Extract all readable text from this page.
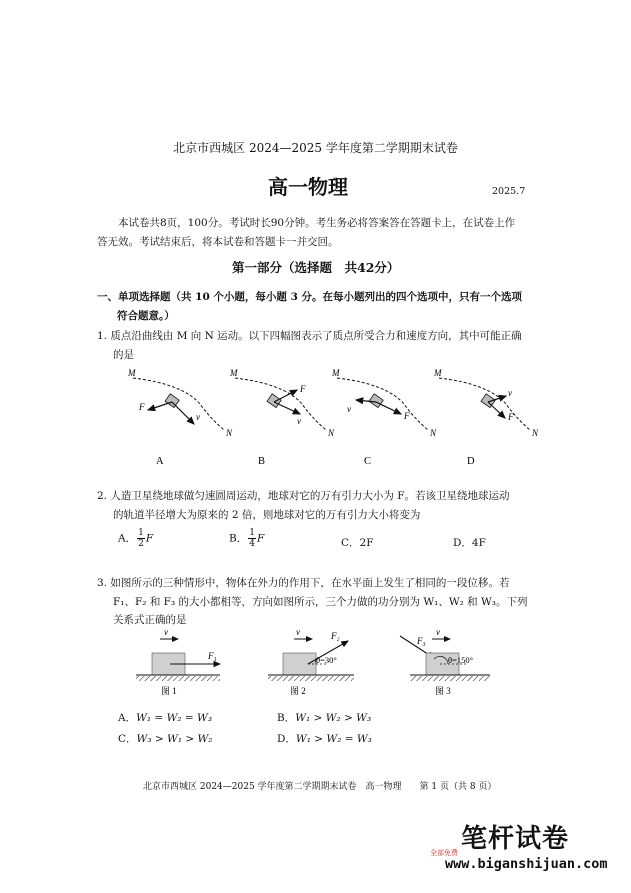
北京市西城区 2024—2025 学年度第二学期期末试卷
高一物理	2025.7
本试卷共8页，100分。考试时长90分钟。考生务必将答案答在答题卡上，在试卷上作
答无效。考试结束后，将本试卷和答题卡一并交回。
第一部分（选择题　共42分）
一、单项选择题（共 10 个小题，每小题 3 分。在每小题列出的四个选项中，只有一个选项
符合题意。）
1. 质点沿曲线由 M 向 N 运动。以下四幅图表示了质点所受合力和速度方向，其中可能正确
的是
M
N
F
v
M
N
F
v
M
N
F
v
M
N
F
v
A	B	C	D
2. 人造卫星绕地球做匀速圆周运动，地球对它的万有引力大小为 F。若该卫星绕地球运动
的轨道半径增大为原来的 2 倍，则地球对它的万有引力大小将变为
A． $\frac{1}{2}$ F	B． $\frac{1}{4}$ F	C．2F	D．4F
3. 如图所示的三种情形中，物体在外力的作用下，在水平面上发生了相同的一段位移。若
F₁、F₂ 和 F₃ 的大小都相等，方向如图所示，三个力做的功分别为 W₁、W₂ 和 W₃。下列
关系式正确的是
v
F₁
图 1
v	F₂
θ=30°
图 2
F₃
v
θ=150°
图 3
A．W₁ = W₂ = W₃	B．W₁ > W₂ > W₃
C．W₃ > W₁ > W₂	D．W₁ > W₂ = W₃
北京市西城区 2024—2025 学年度第二学期期末试卷　高一物理　　第 1 页（共 8 页）
笔杆试卷
全部免费
www.biganshijuan.com
